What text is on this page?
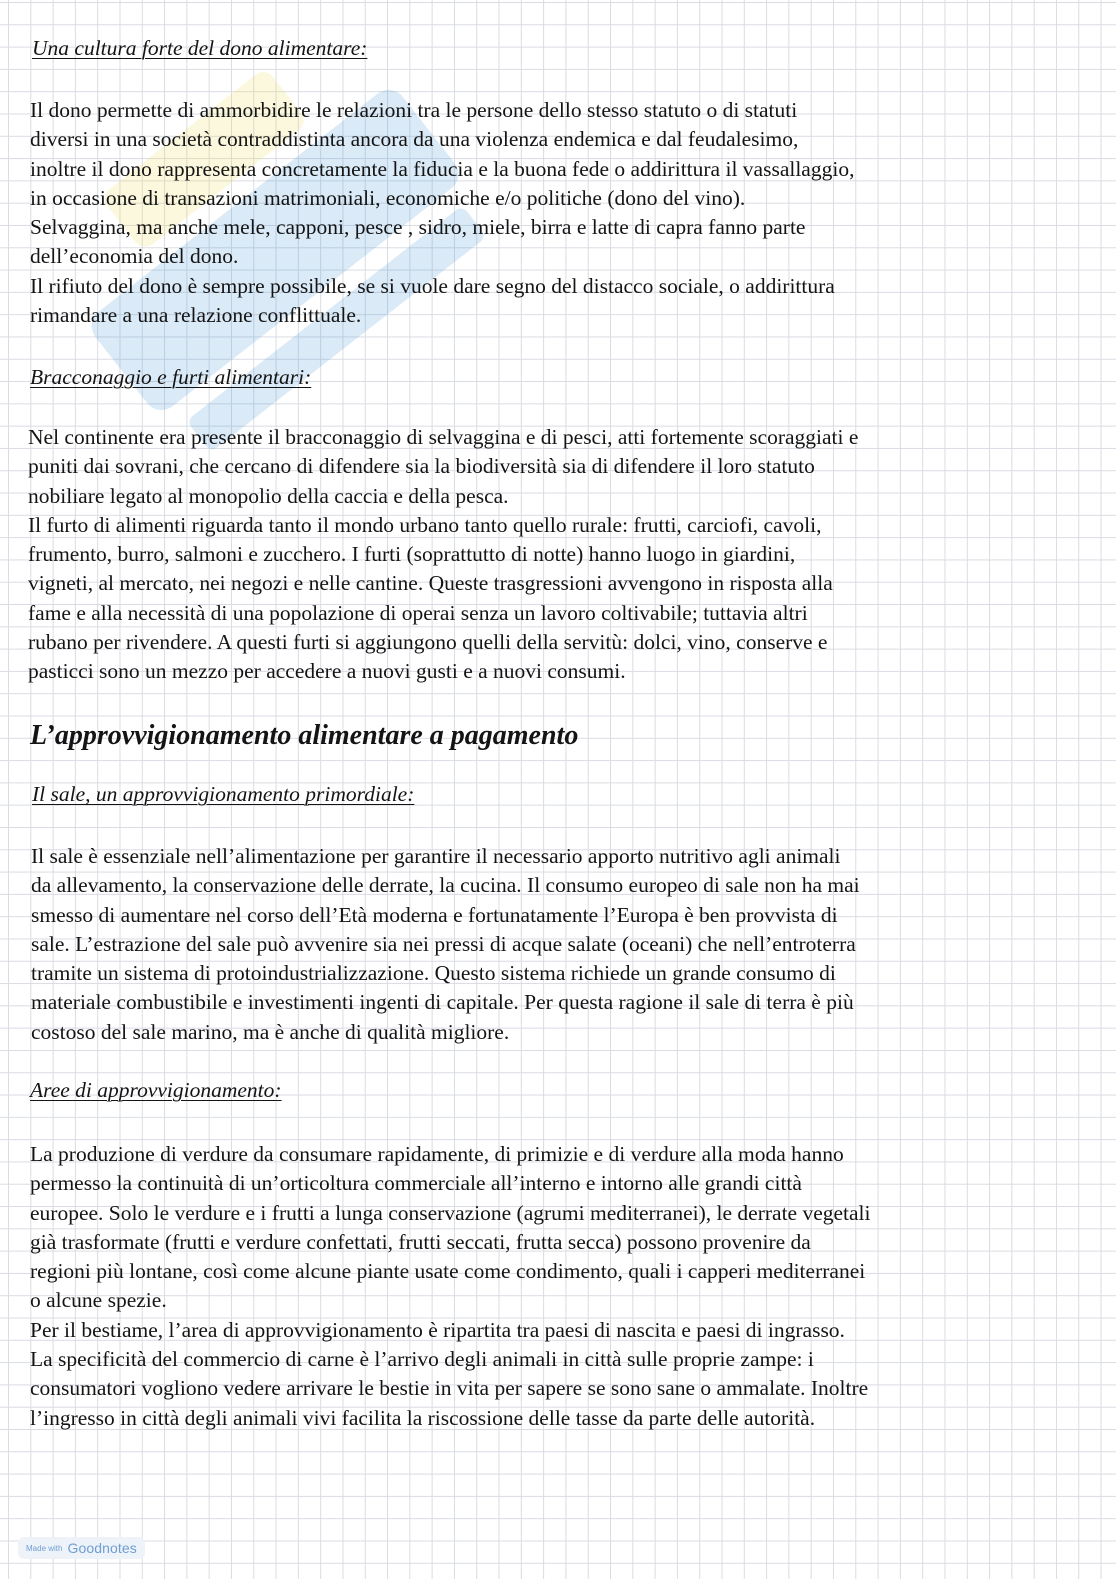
Una cultura forte del dono alimentare:

Il dono permette di ammorbidire le relazioni tra le persone dello stesso statuto o di statuti
diversi in una società contraddistinta ancora da una violenza endemica e dal feudalesimo,
inoltre il dono rappresenta concretamente la fiducia e la buona fede o addirittura il vassallaggio,
in occasione di transazioni matrimoniali, economiche e/o politiche (dono del vino).
Selvaggina, ma anche mele, capponi, pesce , sidro, miele, birra e latte di capra fanno parte
dell’economia del dono.
Il rifiuto del dono è sempre possibile, se si vuole dare segno del distacco sociale, o addirittura
rimandare a una relazione conflittuale.

Bracconaggio e furti alimentari:

Nel continente era presente il bracconaggio di selvaggina e di pesci, atti fortemente scoraggiati e
puniti dai sovrani, che cercano di difendere sia la biodiversità sia di difendere il loro statuto
nobiliare legato al monopolio della caccia e della pesca.
Il furto di alimenti riguarda tanto il mondo urbano tanto quello rurale: frutti, carciofi, cavoli,
frumento, burro, salmoni e zucchero. I furti (soprattutto di notte) hanno luogo in giardini,
vigneti, al mercato, nei negozi e nelle cantine. Queste trasgressioni avvengono in risposta alla
fame e alla necessità di una popolazione di operai senza un lavoro coltivabile; tuttavia altri
rubano per rivendere. A questi furti si aggiungono quelli della servitù: dolci, vino, conserve e
pasticci sono un mezzo per accedere a nuovi gusti e a nuovi consumi.

L’approvvigionamento alimentare a pagamento

Il sale, un approvvigionamento primordiale:

Il sale è essenziale nell’alimentazione per garantire il necessario apporto nutritivo agli animali
da allevamento, la conservazione delle derrate, la cucina. Il consumo europeo di sale non ha mai
smesso di aumentare nel corso dell’Età moderna e fortunatamente l’Europa è ben provvista di
sale. L’estrazione del sale può avvenire sia nei pressi di acque salate (oceani) che nell’entroterra
tramite un sistema di protoindustrializzazione. Questo sistema richiede un grande consumo di
materiale combustibile e investimenti ingenti di capitale. Per questa ragione il sale di terra è più
costoso del sale marino, ma è anche di qualità migliore.

Aree di approvvigionamento:

La produzione di verdure da consumare rapidamente, di primizie e di verdure alla moda hanno
permesso la continuità di un’orticoltura commerciale all’interno e intorno alle grandi città
europee. Solo le verdure e i frutti a lunga conservazione (agrumi mediterranei), le derrate vegetali
già trasformate (frutti e verdure confettati, frutti seccati, frutta secca) possono provenire da
regioni più lontane, così come alcune piante usate come condimento, quali i capperi mediterranei
o alcune spezie.
Per il bestiame, l’area di approvvigionamento è ripartita tra paesi di nascita e paesi di ingrasso.
La specificità del commercio di carne è l’arrivo degli animali in città sulle proprie zampe: i
consumatori vogliono vedere arrivare le bestie in vita per sapere se sono sane o ammalate. Inoltre
l’ingresso in città degli animali vivi facilita la riscossione delle tasse da parte delle autorità.

Made with Goodnotes
